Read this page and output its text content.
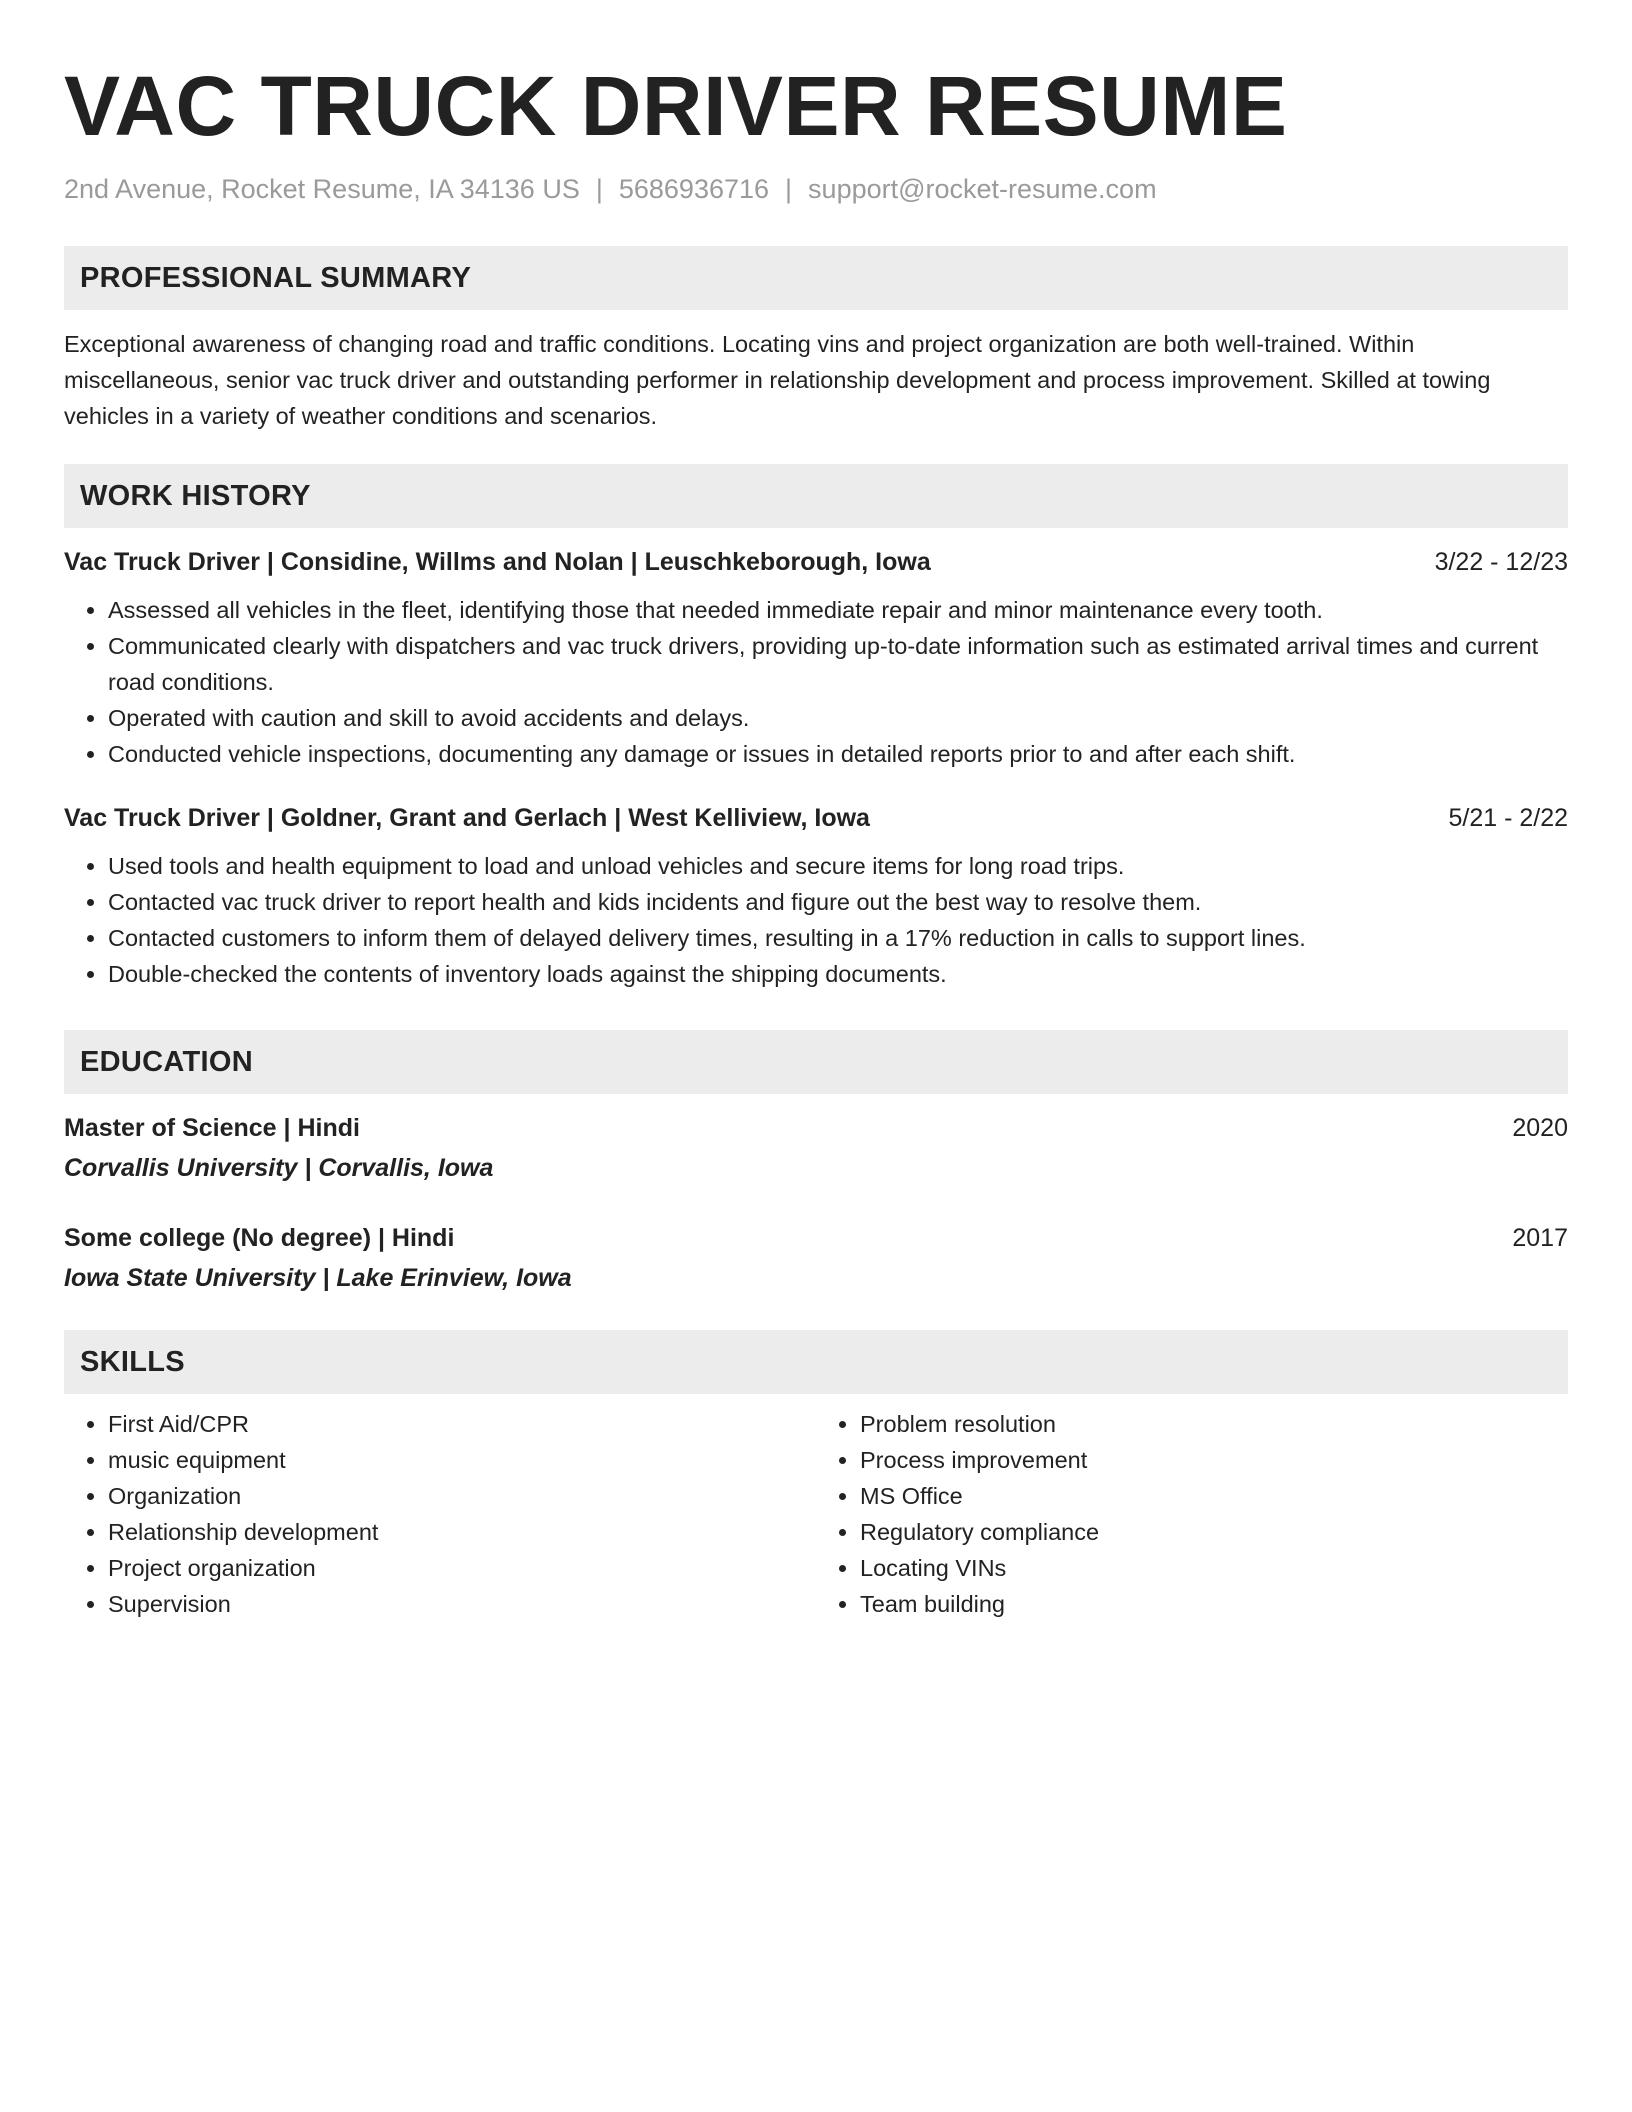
VAC TRUCK DRIVER RESUME
2nd Avenue, Rocket Resume, IA 34136 US | 5686936716 | support@rocket-resume.com
PROFESSIONAL SUMMARY

Exceptional awareness of changing road and traffic conditions. Locating vins and project organization are both well-trained. Within miscellaneous, senior vac truck driver and outstanding performer in relationship development and process improvement. Skilled at towing vehicles in a variety of weather conditions and scenarios.

WORK HISTORY
Vac Truck Driver | Considine, Willms and Nolan | Leuschkeborough, Iowa	3/22 - 12/23
• Assessed all vehicles in the fleet, identifying those that needed immediate repair and minor maintenance every tooth.
• Communicated clearly with dispatchers and vac truck drivers, providing up-to-date information such as estimated arrival times and current road conditions.
• Operated with caution and skill to avoid accidents and delays.
• Conducted vehicle inspections, documenting any damage or issues in detailed reports prior to and after each shift.
Vac Truck Driver | Goldner, Grant and Gerlach | West Kelliview, Iowa	5/21 - 2/22
• Used tools and health equipment to load and unload vehicles and secure items for long road trips.
• Contacted vac truck driver to report health and kids incidents and figure out the best way to resolve them.
• Contacted customers to inform them of delayed delivery times, resulting in a 17% reduction in calls to support lines.
• Double-checked the contents of inventory loads against the shipping documents.
EDUCATION
Master of Science | Hindi	2020
Corvallis University | Corvallis, Iowa
Some college (No degree) | Hindi	2017
Iowa State University | Lake Erinview, Iowa
SKILLS
• First Aid/CPR
• music equipment
• Organization
• Relationship development
• Project organization
• Supervision
• Problem resolution
• Process improvement
• MS Office
• Regulatory compliance
• Locating VINs
• Team building
